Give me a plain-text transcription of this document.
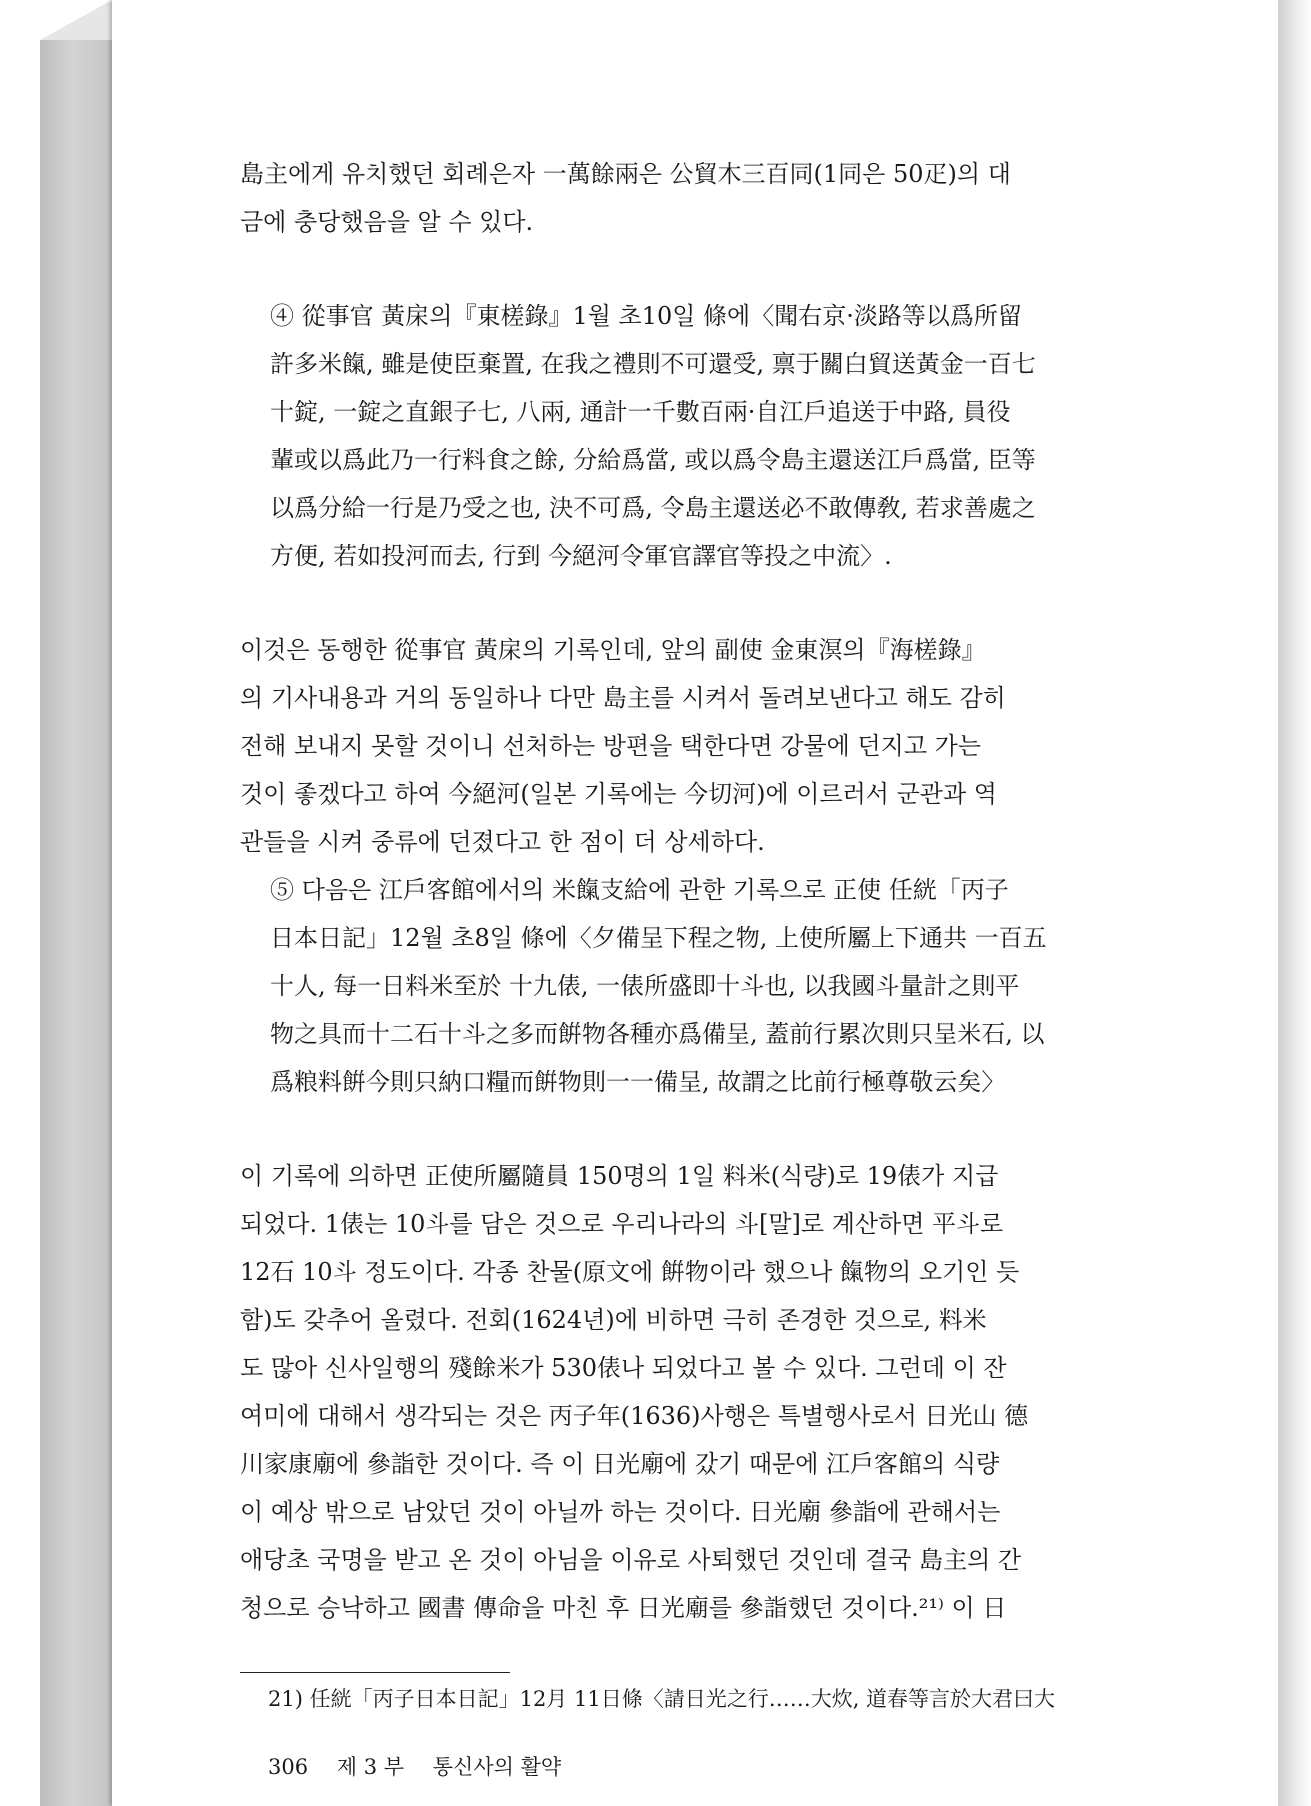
島主에게 유치했던 회례은자 一萬餘兩은 公貿木三百同(1同은 50疋)의 대
금에 충당했음을 알 수 있다.

④ 從事官 黃㦿의『東槎錄』1월 초10일 條에〈聞右京·淡路等以爲所留
許多米餼, 雖是使臣棄置, 在我之禮則不可還受, 禀于關白貿送黃金一百七
十錠, 一錠之直銀子七, 八兩, 通計一千數百兩·自江戶追送于中路, 員役
輩或以爲此乃一行料食之餘, 分給爲當, 或以爲令島主還送江戶爲當, 臣等
以爲分給一行是乃受之也, 決不可爲, 令島主還送必不敢傳敎, 若求善處之
方便, 若如投河而去, 行到 今絕河令軍官譯官等投之中流〉.

이것은 동행한 從事官 黃㦿의 기록인데, 앞의 副使 金東溟의『海槎錄』
의 기사내용과 거의 동일하나 다만 島主를 시켜서 돌려보낸다고 해도 감히
전해 보내지 못할 것이니 선처하는 방편을 택한다면 강물에 던지고 가는
것이 좋겠다고 하여 今絕河(일본 기록에는 今切河)에 이르러서 군관과 역
관들을 시켜 중류에 던졌다고 한 점이 더 상세하다.

⑤ 다음은 江戶客館에서의 米餼支給에 관한 기록으로 正使 任絖「丙子
日本日記」12월 초8일 條에〈夕備呈下程之物, 上使所屬上下通共 一百五
十人, 每一日料米至於 十九俵, 一俵所盛即十斗也, 以我國斗量計之則平
物之具而十二石十斗之多而餠物各種亦爲備呈, 蓋前行累次則只呈米石, 以
爲粮料餠今則只納口糧而餠物則一一備呈, 故謂之比前行極尊敬云矣〉

이 기록에 의하면 正使所屬隨員 150명의 1일 料米(식량)로 19俵가 지급
되었다. 1俵는 10斗를 담은 것으로 우리나라의 斗[말]로 계산하면 平斗로
12石 10斗 정도이다. 각종 찬물(原文에 餠物이라 했으나 餼物의 오기인 듯
함)도 갖추어 올렸다. 전회(1624년)에 비하면 극히 존경한 것으로, 料米
도 많아 신사일행의 殘餘米가 530俵나 되었다고 볼 수 있다. 그런데 이 잔
여미에 대해서 생각되는 것은 丙子年(1636)사행은 특별행사로서 日光山 德
川家康廟에 參詣한 것이다. 즉 이 日光廟에 갔기 때문에 江戶客館의 식량
이 예상 밖으로 남았던 것이 아닐까 하는 것이다. 日光廟 參詣에 관해서는
애당초 국명을 받고 온 것이 아님을 이유로 사퇴했던 것인데 결국 島主의 간
청으로 승낙하고 國書 傳命을 마친 후 日光廟를 參詣했던 것이다.²¹⁾ 이 日

21) 任絖「丙子日本日記」12月 11日條〈請日光之行……大炊, 道春等言於大君曰大
306 제 3 부 통신사의 활약
